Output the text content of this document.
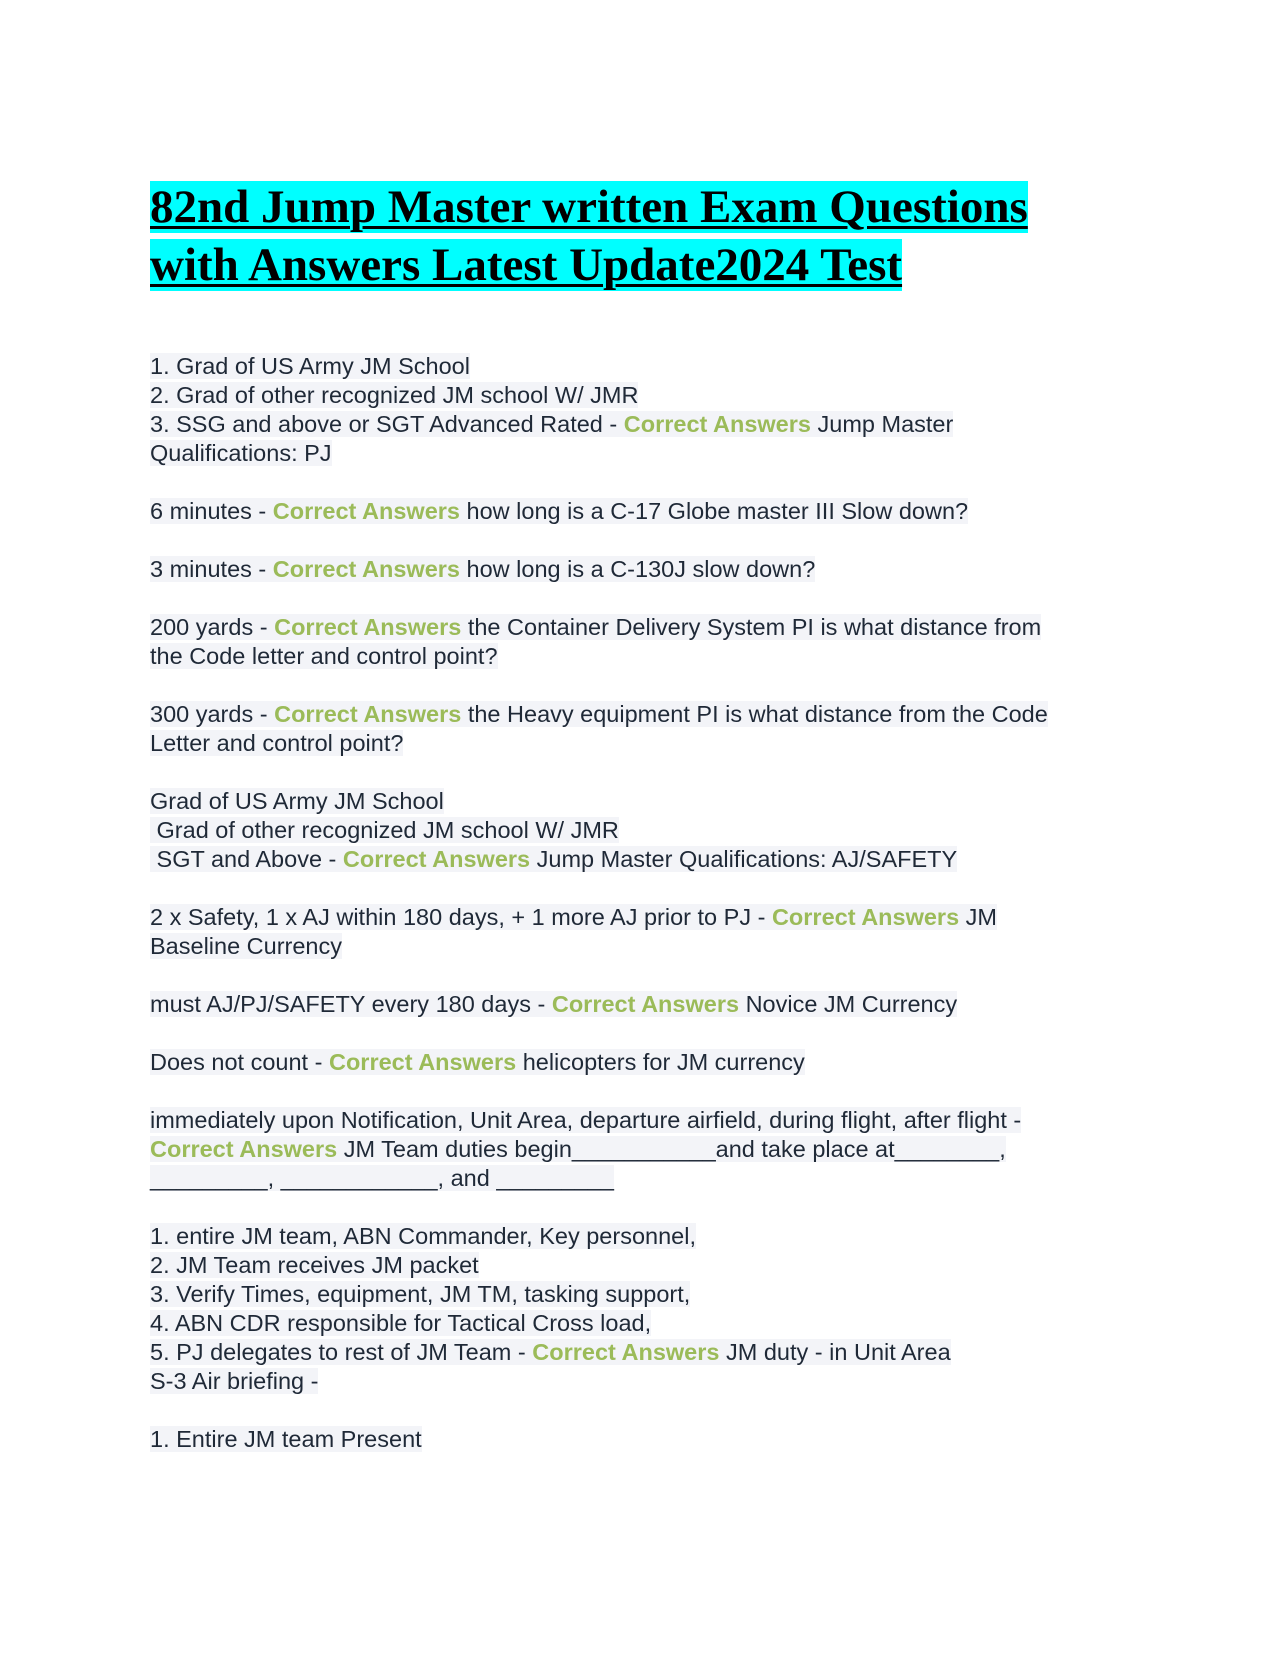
82nd Jump Master written Exam Questions
with Answers Latest Update2024 Test
1. Grad of US Army JM School
2. Grad of other recognized JM school W/ JMR
3. SSG and above or SGT Advanced Rated - Correct Answers Jump Master
Qualifications: PJ
6 minutes - Correct Answers how long is a C-17 Globe master III Slow down?
3 minutes - Correct Answers how long is a C-130J slow down?
200 yards - Correct Answers the Container Delivery System PI is what distance from
the Code letter and control point?
300 yards - Correct Answers the Heavy equipment PI is what distance from the Code
Letter and control point?
Grad of US Army JM School
Grad of other recognized JM school W/ JMR
SGT and Above - Correct Answers Jump Master Qualifications: AJ/SAFETY
2 x Safety, 1 x AJ within 180 days, + 1 more AJ prior to PJ - Correct Answers JM
Baseline Currency
must AJ/PJ/SAFETY every 180 days - Correct Answers Novice JM Currency
Does not count - Correct Answers helicopters for JM currency
immediately upon Notification, Unit Area, departure airfield, during flight, after flight -
Correct Answers JM Team duties begin___________and take place at________,
_________, ____________, and _________
1. entire JM team, ABN Commander, Key personnel,
2. JM Team receives JM packet
3. Verify Times, equipment, JM TM, tasking support,
4. ABN CDR responsible for Tactical Cross load,
5. PJ delegates to rest of JM Team - Correct Answers JM duty - in Unit Area
S-3 Air briefing -
1. Entire JM team Present
